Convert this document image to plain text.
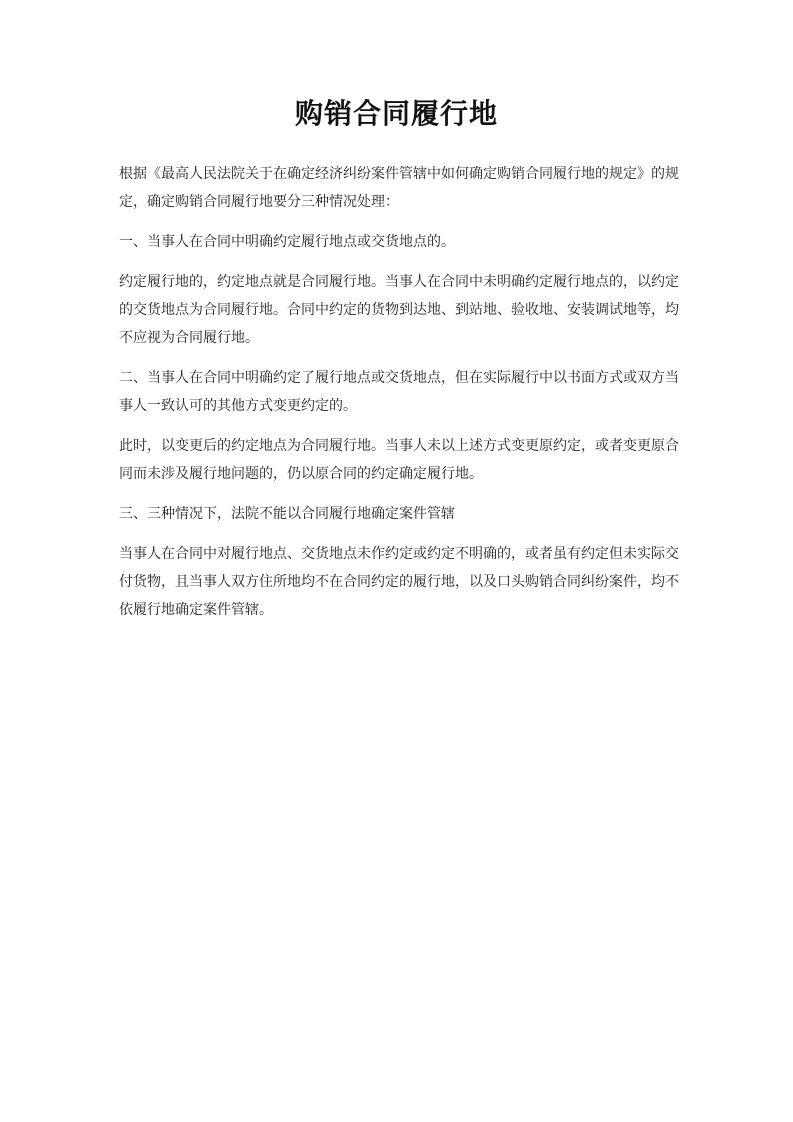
购销合同履行地

根据《最高人民法院关于在确定经济纠纷案件管辖中如何确定购销合同履行地的规定》的规定，确定购销合同履行地要分三种情况处理：

一、当事人在合同中明确约定履行地点或交货地点的。

约定履行地的，约定地点就是合同履行地。当事人在合同中未明确约定履行地点的，以约定的交货地点为合同履行地。合同中约定的货物到达地、到站地、验收地、安装调试地等，均不应视为合同履行地。

二、当事人在合同中明确约定了履行地点或交货地点，但在实际履行中以书面方式或双方当事人一致认可的其他方式变更约定的。

此时，以变更后的约定地点为合同履行地。当事人未以上述方式变更原约定，或者变更原合同而未涉及履行地问题的，仍以原合同的约定确定履行地。

三、三种情况下，法院不能以合同履行地确定案件管辖

当事人在合同中对履行地点、交货地点未作约定或约定不明确的，或者虽有约定但未实际交付货物，且当事人双方住所地均不在合同约定的履行地，以及口头购销合同纠纷案件，均不依履行地确定案件管辖。
